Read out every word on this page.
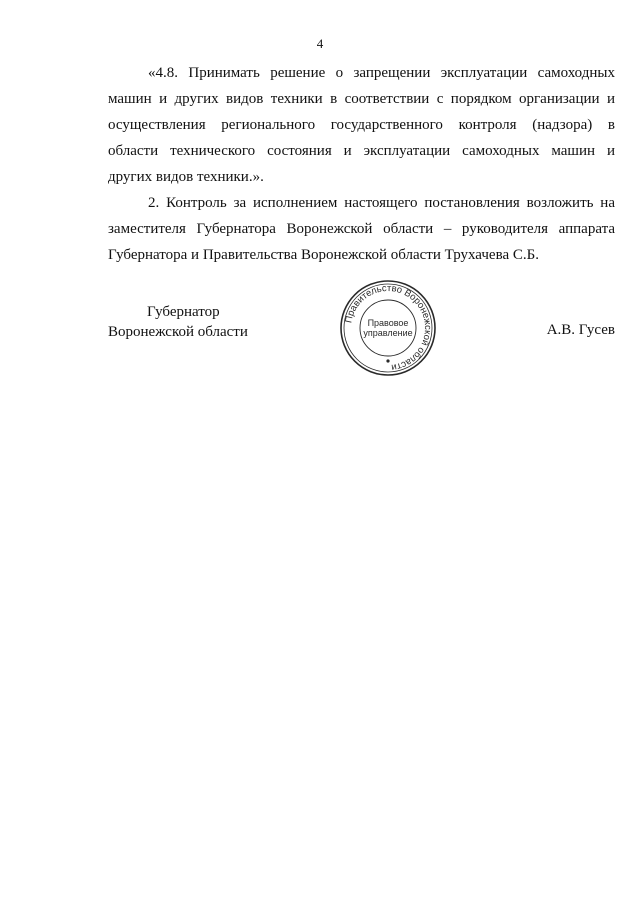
4

«4.8. Принимать решение о запрещении эксплуатации самоходных
машин и других видов техники в соответствии с порядком организации и
осуществления регионального государственного контроля (надзора) в
области технического состояния и эксплуатации самоходных машин и
других видов техники.».

2. Контроль за исполнением настоящего постановления возложить на
заместителя Губернатора Воронежской области – руководителя аппарата
Губернатора и Правительства Воронежской области Трухачева С.Б.

Губернатор
Воронежской области
Правительство Воронежской области
Правовое
управление	А.В. Гусев
